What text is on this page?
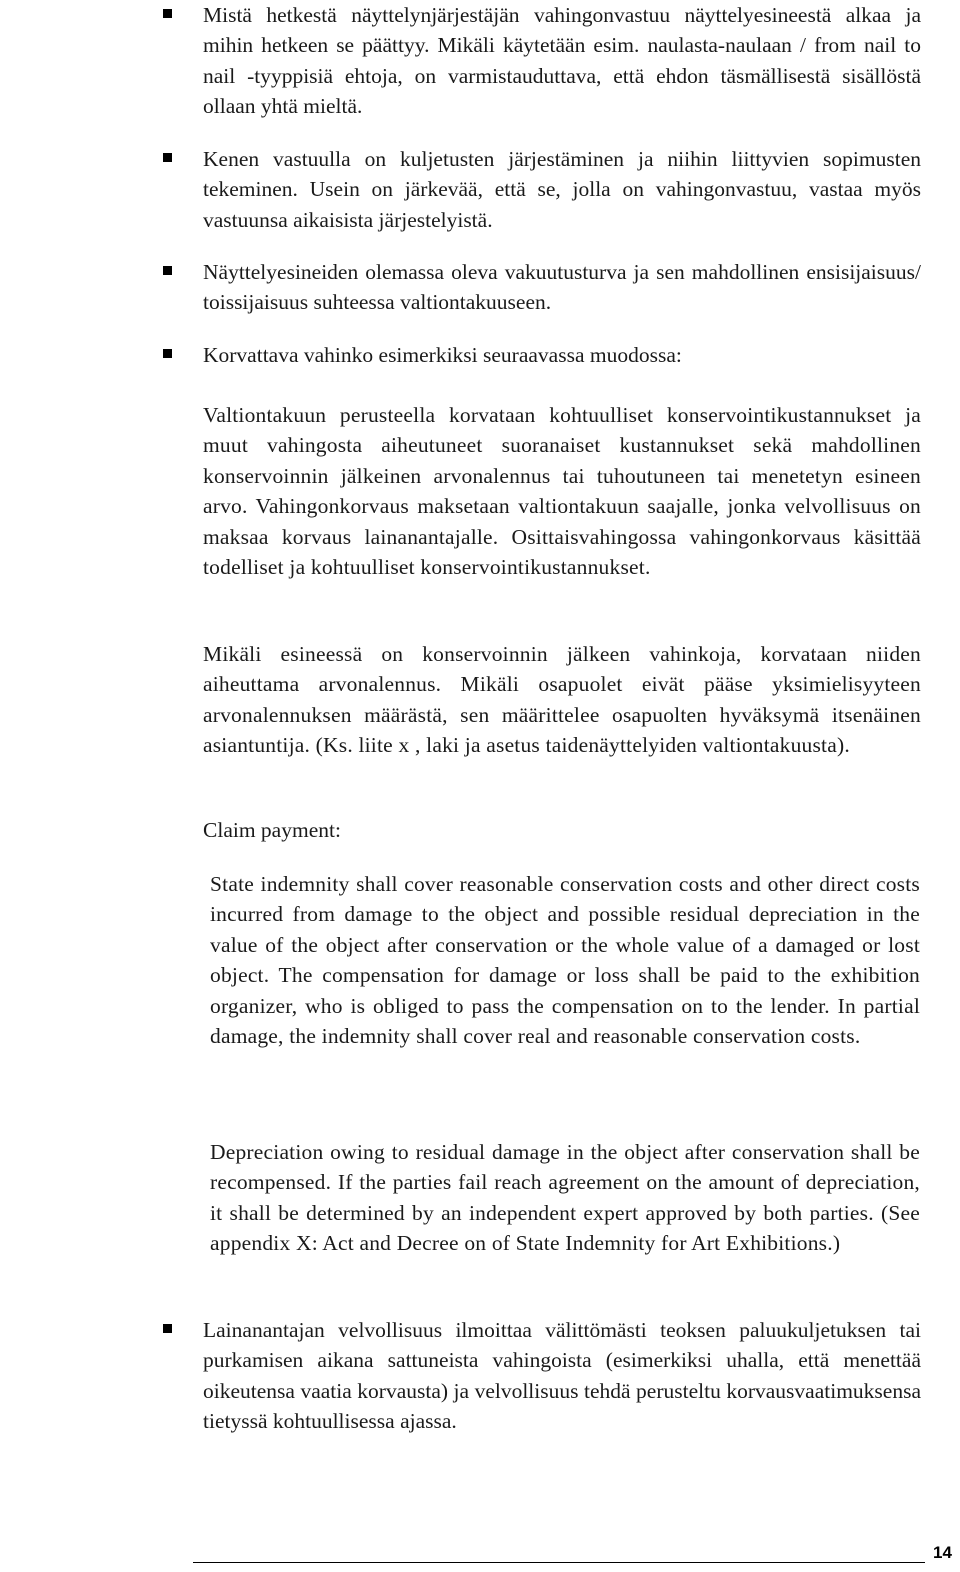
Mistä hetkestä näyttelynjärjestäjän vahingonvastuu näyttelyesineestä alkaa ja mihin hetkeen se päättyy. Mikäli käytetään esim. naulasta-naulaan / from nail to nail -tyyppisiä ehtoja, on varmistauduttava, että ehdon täsmällisestä sisällöstä ollaan yhtä mieltä.
Kenen vastuulla on kuljetusten järjestäminen ja niihin liittyvien sopimusten tekeminen. Usein on järkevää, että se, jolla on vahingonvastuu, vastaa myös vastuunsa aikaisista järjestelyistä.
Näyttelyesineiden olemassa oleva vakuutusturva ja sen mahdollinen ensisijaisuus/ toissijaisuus suhteessa valtiontakuuseen.
Korvattava vahinko esimerkiksi seuraavassa muodossa:
Valtiontakuun perusteella korvataan kohtuulliset konservointikustannukset ja muut vahingosta aiheutuneet suoranaiset kustannukset sekä mahdollinen konservoinnin jälkeinen arvonalennus tai tuhoutuneen tai menetetyn esineen arvo. Vahingonkorvaus maksetaan valtiontakuun saajalle, jonka velvollisuus on maksaa korvaus lainanantajalle. Osittaisvahingossa vahingonkorvaus käsittää todelliset ja kohtuulliset konservointikustannukset.
Mikäli esineessä on konservoinnin jälkeen vahinkoja, korvataan niiden aiheuttama arvonalennus. Mikäli osapuolet eivät pääse yksimielisyyteen arvonalennuksen määrästä, sen määrittelee osapuolten hyväksymä itsenäinen asiantuntija. (Ks. liite x , laki ja asetus taidenäyttelyiden valtiontakuusta).
Claim payment:
State indemnity shall cover reasonable conservation costs and other direct costs incurred from damage to the object and possible residual depreciation in the value of the object after conservation or the whole value of a damaged or lost object. The compensation for damage or loss shall be paid to the exhibition organizer, who is obliged to pass the compensation on to the lender. In partial damage, the indemnity shall cover real and reasonable conservation costs.
Depreciation owing to residual damage in the object after conservation shall be recompensed. If the parties fail reach agreement on the amount of depreciation, it shall be determined by an independent expert approved by both parties. (See appendix X: Act and Decree on of State Indemnity for Art Exhibitions.)
Lainanantajan velvollisuus ilmoittaa välittömästi teoksen paluukuljetuksen tai purkamisen aikana sattuneista vahingoista (esimerkiksi uhalla, että menettää oikeutensa vaatia korvausta) ja velvollisuus tehdä perusteltu korvausvaatimuksensa tietyssä kohtuullisessa ajassa.
14
